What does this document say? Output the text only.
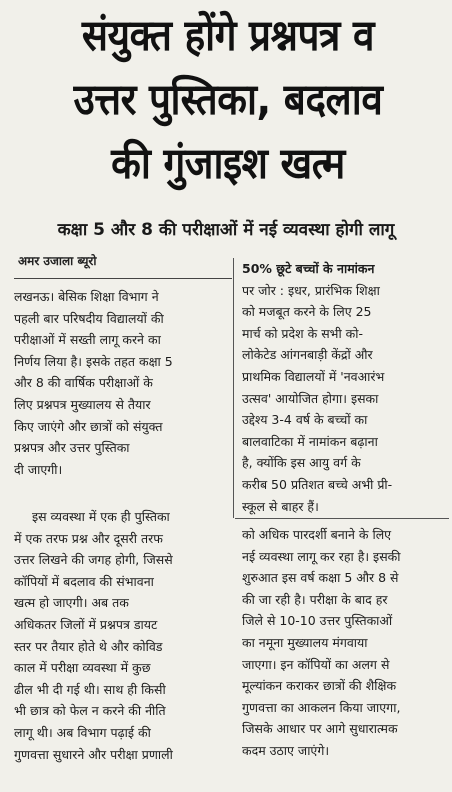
संयुक्त होंगे प्रश्नपत्र व
उत्तर पुस्तिका, बदलाव
की गुंजाइश खत्म
कक्षा 5 और 8 की परीक्षाओं में नई व्यवस्था होगी लागू
अमर उजाला ब्यूरो
लखनऊ। बेसिक शिक्षा विभाग ने
पहली बार परिषदीय विद्यालयों की
परीक्षाओं में सख्ती लागू करने का
निर्णय लिया है। इसके तहत कक्षा 5
और 8 की वार्षिक परीक्षाओं के
लिए प्रश्नपत्र मुख्यालय से तैयार
किए जाएंगे और छात्रों को संयुक्त
प्रश्नपत्र और उत्तर पुस्तिका
दी जाएगी।
इस व्यवस्था में एक ही पुस्तिका
में एक तरफ प्रश्न और दूसरी तरफ
उत्तर लिखने की जगह होगी, जिससे
कॉपियों में बदलाव की संभावना
खत्म हो जाएगी। अब तक
अधिकतर जिलों में प्रश्नपत्र डायट
स्तर पर तैयार होते थे और कोविड
काल में परीक्षा व्यवस्था में कुछ
ढील भी दी गई थी। साथ ही किसी
भी छात्र को फेल न करने की नीति
लागू थी। अब विभाग पढ़ाई की
गुणवत्ता सुधारने और परीक्षा प्रणाली
50% छूटे बच्चों के नामांकन
पर जोर : इधर, प्रारंभिक शिक्षा
को मजबूत करने के लिए 25
मार्च को प्रदेश के सभी को-
लोकेटेड आंगनबाड़ी केंद्रों और
प्राथमिक विद्यालयों में 'नवआरंभ
उत्सव' आयोजित होगा। इसका
उद्देश्य 3-4 वर्ष के बच्चों का
बालवाटिका में नामांकन बढ़ाना
है, क्योंकि इस आयु वर्ग के
करीब 50 प्रतिशत बच्चे अभी प्री-
स्कूल से बाहर हैं।
को अधिक पारदर्शी बनाने के लिए
नई व्यवस्था लागू कर रहा है। इसकी
शुरुआत इस वर्ष कक्षा 5 और 8 से
की जा रही है। परीक्षा के बाद हर
जिले से 10-10 उत्तर पुस्तिकाओं
का नमूना मुख्यालय मंगवाया
जाएगा। इन कॉपियों का अलग से
मूल्यांकन कराकर छात्रों की शैक्षिक
गुणवत्ता का आकलन किया जाएगा,
जिसके आधार पर आगे सुधारात्मक
कदम उठाए जाएंगे।
